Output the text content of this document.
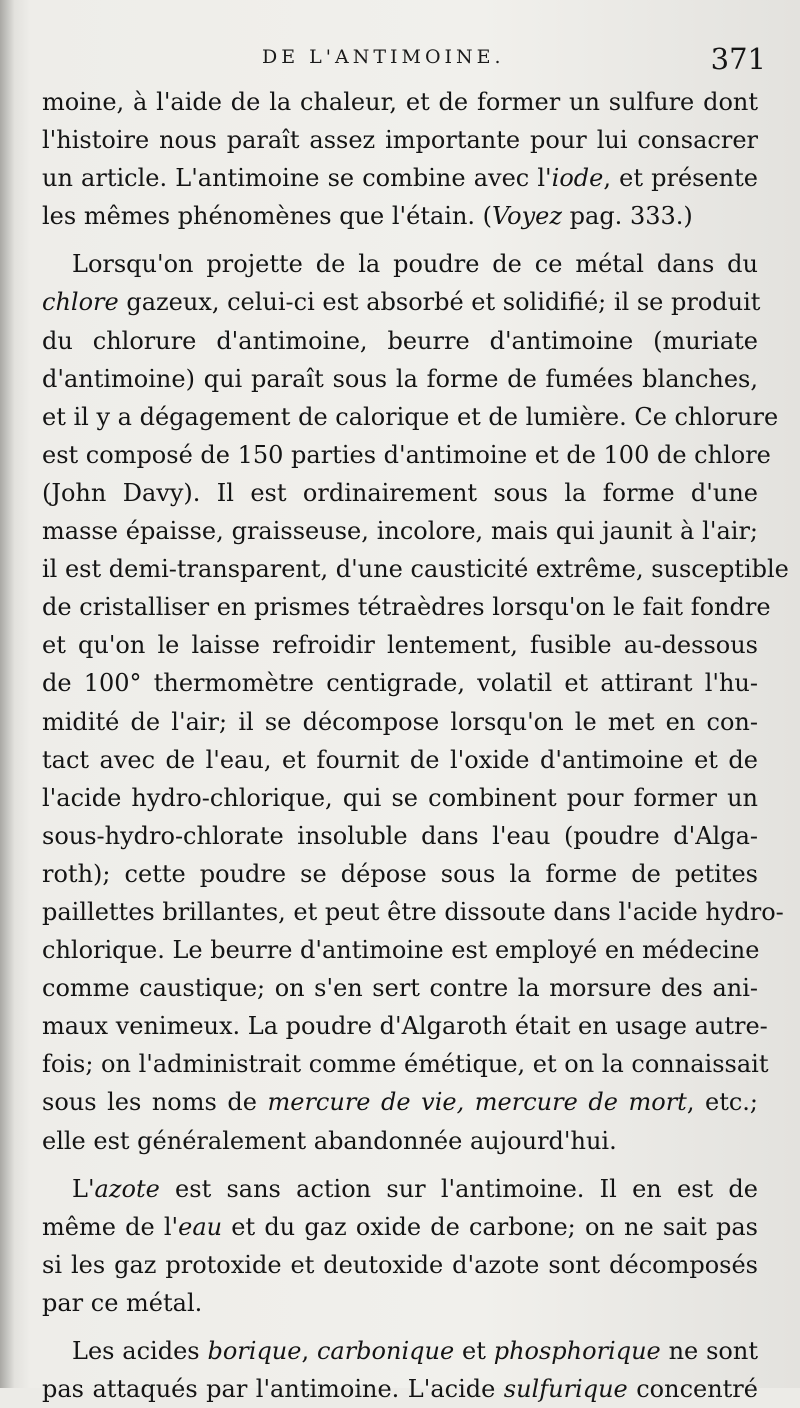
DE L'ANTIMOINE.	371
moine, à l'aide de la chaleur, et de former un sulfure dont
l'histoire nous paraît assez importante pour lui consacrer
un article. L'antimoine se combine avec l'iode, et présente
les mêmes phénomènes que l'étain. (Voyez pag. 333.)
Lorsqu'on projette de la poudre de ce métal dans du
chlore gazeux, celui-ci est absorbé et solidifié; il se produit
du chlorure d'antimoine, beurre d'antimoine (muriate
d'antimoine) qui paraît sous la forme de fumées blanches,
et il y a dégagement de calorique et de lumière. Ce chlorure
est composé de 150 parties d'antimoine et de 100 de chlore
(John Davy). Il est ordinairement sous la forme d'une
masse épaisse, graisseuse, incolore, mais qui jaunit à l'air;
il est demi-transparent, d'une causticité extrême, susceptible
de cristalliser en prismes tétraèdres lorsqu'on le fait fondre
et qu'on le laisse refroidir lentement, fusible au-dessous
de 100° thermomètre centigrade, volatil et attirant l'hu-
midité de l'air; il se décompose lorsqu'on le met en con-
tact avec de l'eau, et fournit de l'oxide d'antimoine et de
l'acide hydro-chlorique, qui se combinent pour former un
sous-hydro-chlorate insoluble dans l'eau (poudre d'Alga-
roth); cette poudre se dépose sous la forme de petites
paillettes brillantes, et peut être dissoute dans l'acide hydro-
chlorique. Le beurre d'antimoine est employé en médecine
comme caustique; on s'en sert contre la morsure des ani-
maux venimeux. La poudre d'Algaroth était en usage autre-
fois; on l'administrait comme émétique, et on la connaissait
sous les noms de mercure de vie, mercure de mort, etc.;
elle est généralement abandonnée aujourd'hui.
L'azote est sans action sur l'antimoine. Il en est de
même de l'eau et du gaz oxide de carbone; on ne sait pas
si les gaz protoxide et deutoxide d'azote sont décomposés
par ce métal.
Les acides borique, carbonique et phosphorique ne sont
pas attaqués par l'antimoine. L'acide sulfurique concentré
